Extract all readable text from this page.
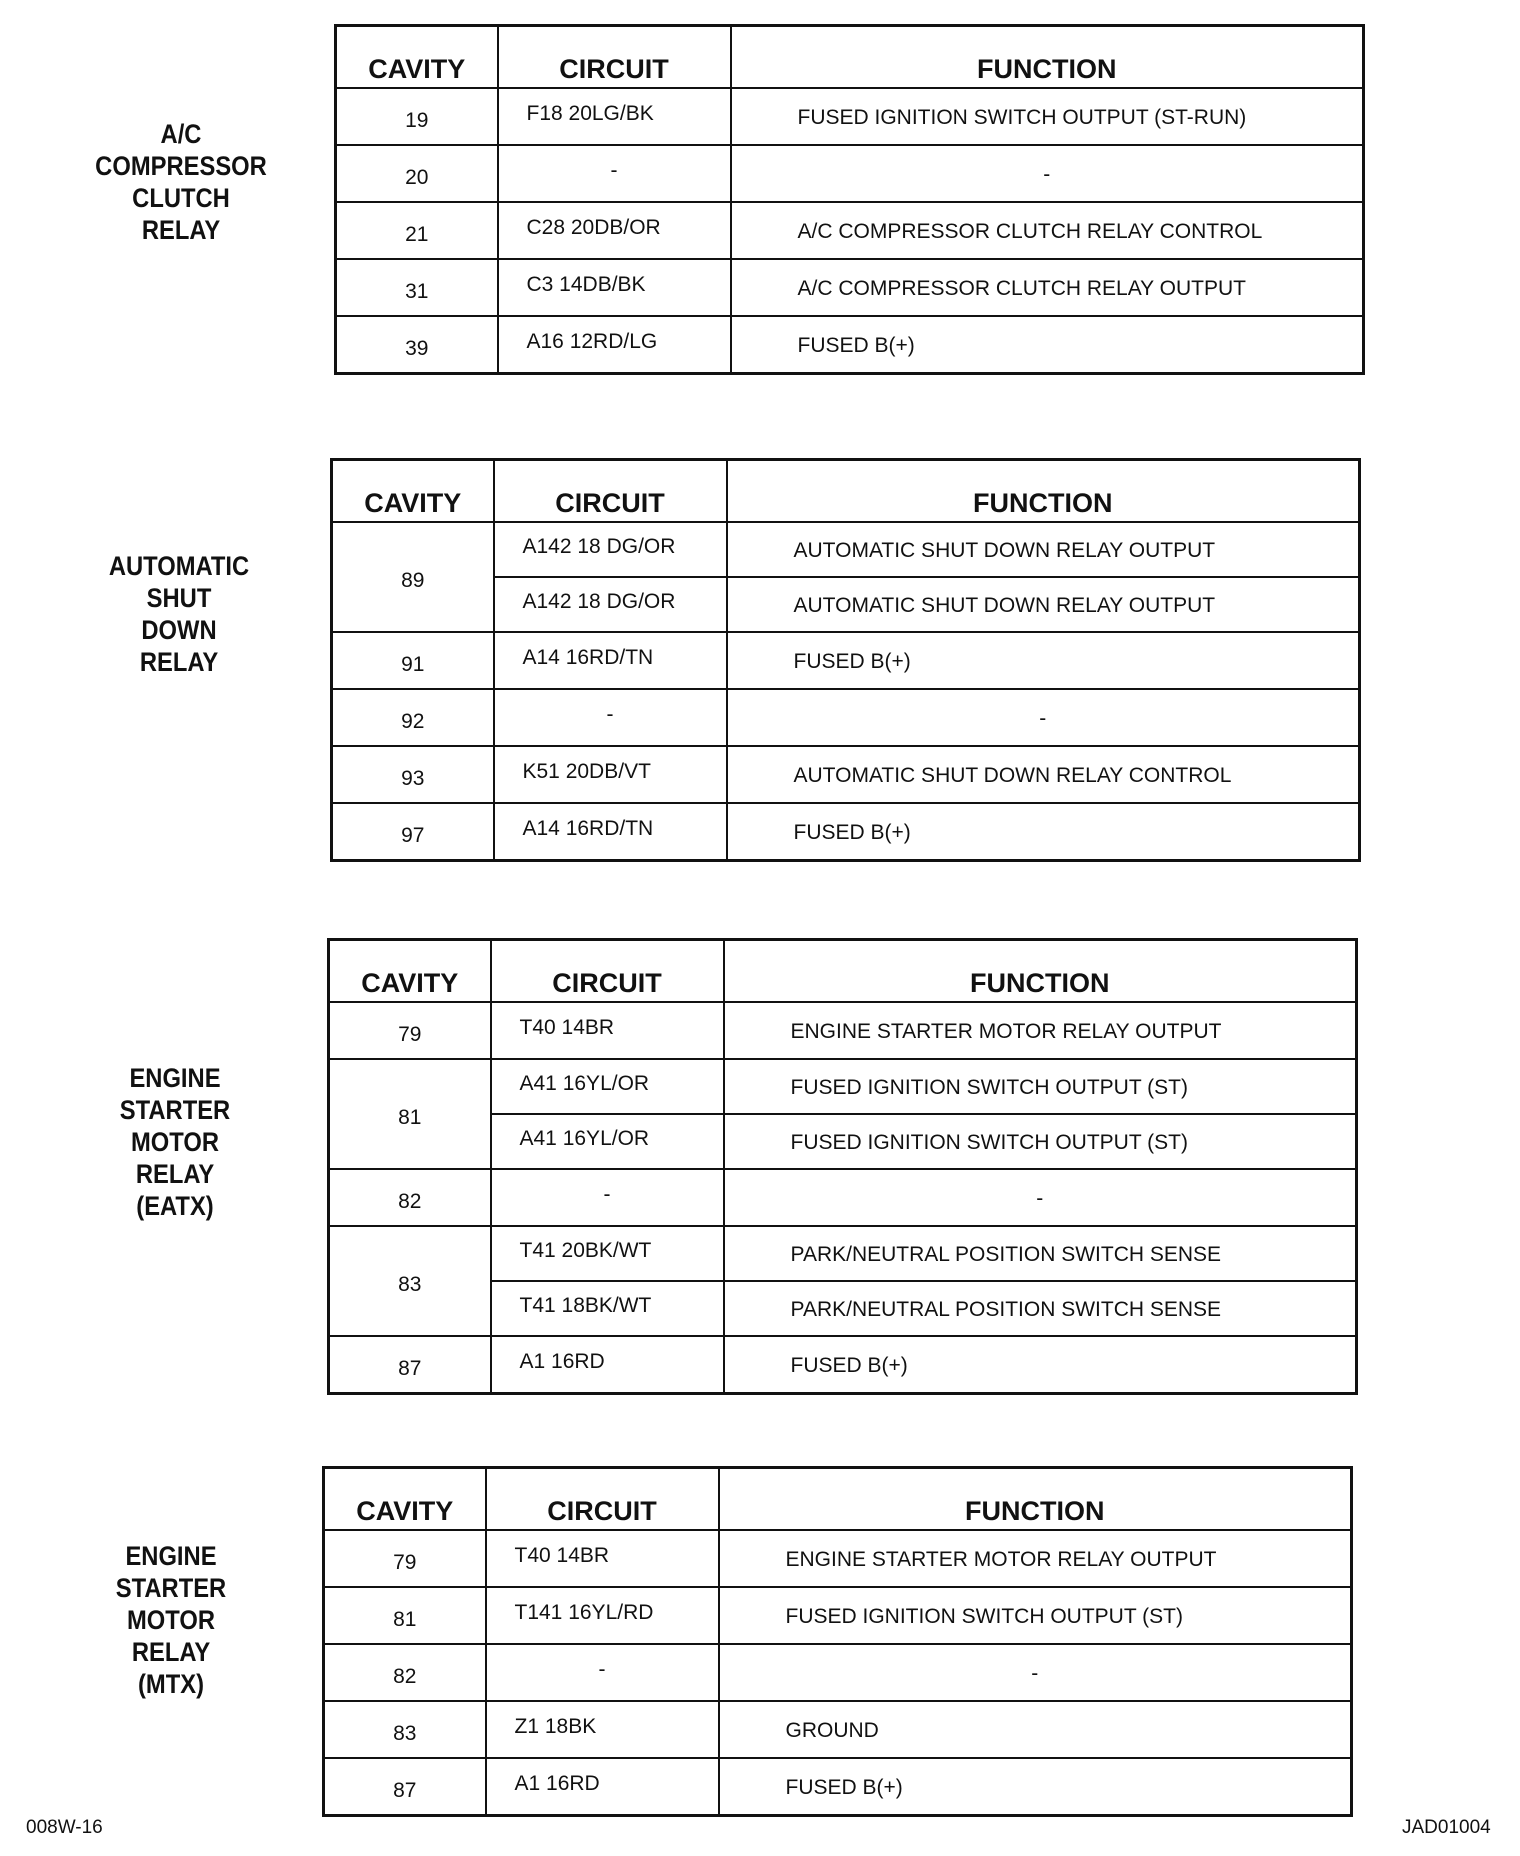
A/C
COMPRESSOR
CLUTCH
RELAY
CAVITY	CIRCUIT	FUNCTION
19	F18 20LG/BK	FUSED IGNITION SWITCH OUTPUT (ST-RUN)
20	-	-
21	C28 20DB/OR	A/C COMPRESSOR CLUTCH RELAY CONTROL
31	C3 14DB/BK	A/C COMPRESSOR CLUTCH RELAY OUTPUT
39	A16 12RD/LG	FUSED B(+)
AUTOMATIC
SHUT
DOWN
RELAY
CAVITY	CIRCUIT	FUNCTION
89	A142 18 DG/OR	AUTOMATIC SHUT DOWN RELAY OUTPUT
	A142 18 DG/OR	AUTOMATIC SHUT DOWN RELAY OUTPUT
91	A14 16RD/TN	FUSED B(+)
92	-	-
93	K51 20DB/VT	AUTOMATIC SHUT DOWN RELAY CONTROL
97	A14 16RD/TN	FUSED B(+)
ENGINE
STARTER
MOTOR
RELAY
(EATX)
CAVITY	CIRCUIT	FUNCTION
79	T40 14BR	ENGINE STARTER MOTOR RELAY OUTPUT
81	A41 16YL/OR	FUSED IGNITION SWITCH OUTPUT (ST)
	A41 16YL/OR	FUSED IGNITION SWITCH OUTPUT (ST)
82	-	-
83	T41 20BK/WT	PARK/NEUTRAL POSITION SWITCH SENSE
	T41 18BK/WT	PARK/NEUTRAL POSITION SWITCH SENSE
87	A1 16RD	FUSED B(+)
ENGINE
STARTER
MOTOR
RELAY
(MTX)
CAVITY	CIRCUIT	FUNCTION
79	T40 14BR	ENGINE STARTER MOTOR RELAY OUTPUT
81	T141 16YL/RD	FUSED IGNITION SWITCH OUTPUT (ST)
82	-	-
83	Z1 18BK	GROUND
87	A1 16RD	FUSED B(+)
008W-16	JAD01004
